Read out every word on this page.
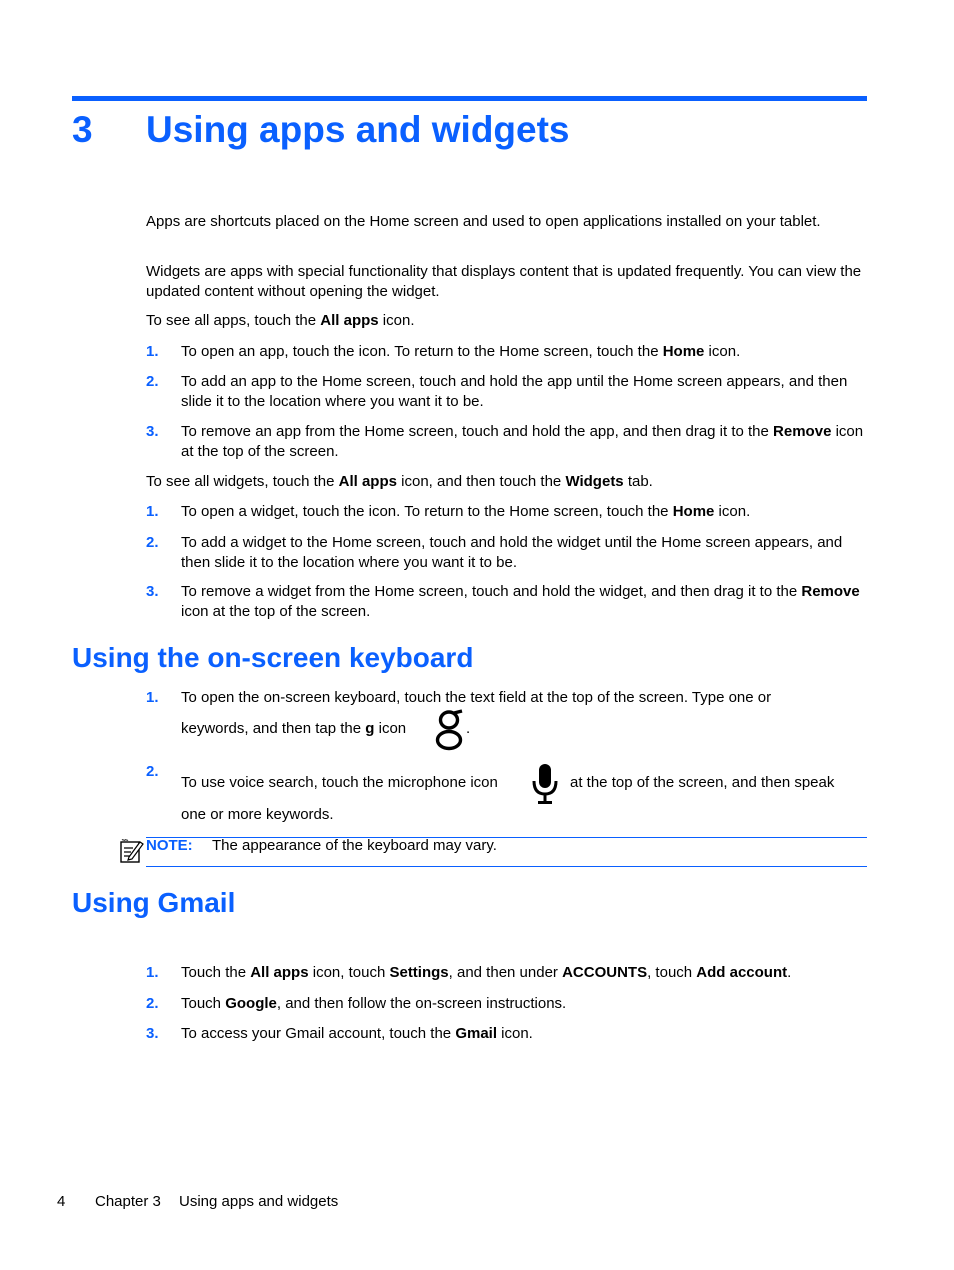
3 Using apps and widgets

Apps are shortcuts placed on the Home screen and used to open applications installed on your tablet.

Widgets are apps with special functionality that displays content that is updated frequently. You can view the updated content without opening the widget.

To see all apps, touch the All apps icon.

1. To open an app, touch the icon. To return to the Home screen, touch the Home icon.
2. To add an app to the Home screen, touch and hold the app until the Home screen appears, and then slide it to the location where you want it to be.
3. To remove an app from the Home screen, touch and hold the app, and then drag it to the Remove icon at the top of the screen.

To see all widgets, touch the All apps icon, and then touch the Widgets tab.

1. To open a widget, touch the icon. To return to the Home screen, touch the Home icon.
2. To add a widget to the Home screen, touch and hold the widget until the Home screen appears, and then slide it to the location where you want it to be.
3. To remove a widget from the Home screen, touch and hold the widget, and then drag it to the Remove icon at the top of the screen.
Using the on-screen keyboard
1. To open the on-screen keyboard, touch the text field at the top of the screen. Type one or
keywords, and then tap the g icon	.
2.
To use voice search, touch the microphone icon	at the top of the screen, and then speak
one or more keywords.
NOTE: The appearance of the keyboard may vary.
Using Gmail
1. Touch the All apps icon, touch Settings, and then under ACCOUNTS, touch Add account.
2. Touch Google, and then follow the on-screen instructions.
3. To access your Gmail account, touch the Gmail icon.
4 Chapter 3 Using apps and widgets
